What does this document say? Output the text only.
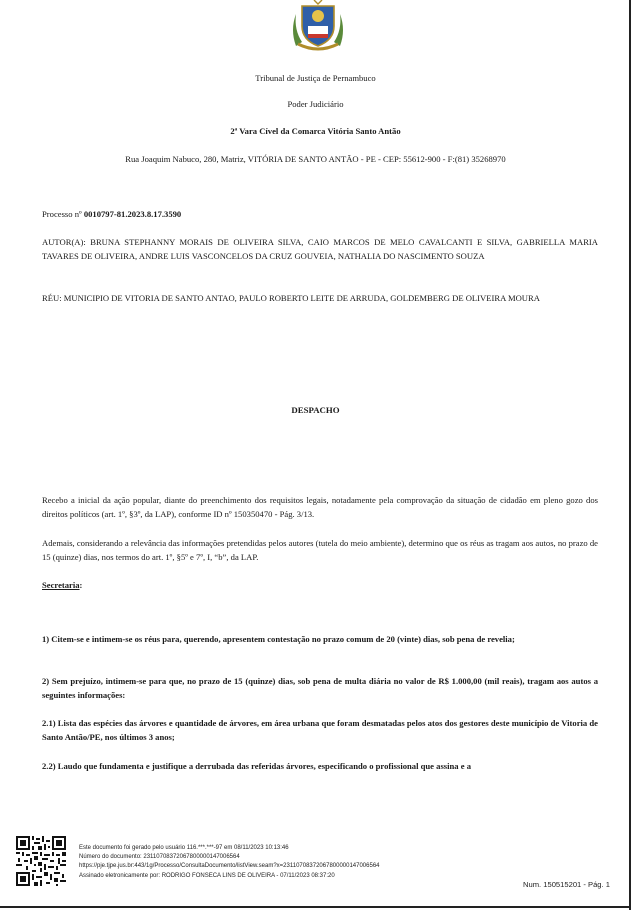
Tribunal de Justiça de Pernambuco
Poder Judiciário
2ª Vara Cível da Comarca Vitória Santo Antão
Rua Joaquim Nabuco, 280, Matriz, VITÓRIA DE SANTO ANTÃO - PE - CEP: 55612-900 - F:(81) 35268970
Processo nº 0010797-81.2023.8.17.3590
AUTOR(A): BRUNA STEPHANNY MORAIS DE OLIVEIRA SILVA, CAIO MARCOS DE MELO CAVALCANTI E SILVA, GABRIELLA MARIA TAVARES DE OLIVEIRA, ANDRE LUIS VASCONCELOS DA CRUZ GOUVEIA, NATHALIA DO NASCIMENTO SOUZA
RÉU: MUNICIPIO DE VITORIA DE SANTO ANTAO, PAULO ROBERTO LEITE DE ARRUDA, GOLDEMBERG DE OLIVEIRA MOURA
DESPACHO
Recebo a inicial da ação popular, diante do preenchimento dos requisitos legais, notadamente pela comprovação da situação de cidadão em pleno gozo dos direitos políticos (art. 1º, §3º, da LAP), conforme ID nº 150350470 - Pág. 3/13.
Ademais, considerando a relevância das informações pretendidas pelos autores (tutela do meio ambiente), determino que os réus as tragam aos autos, no prazo de 15 (quinze) dias, nos termos do art. 1º, §5º e 7º, I, “b”, da LAP.
Secretaria:
1) Citem-se e intimem-se os réus para, querendo, apresentem contestação no prazo comum de 20 (vinte) dias, sob pena de revelia;
2) Sem prejuízo, intimem-se para que, no prazo de 15 (quinze) dias, sob pena de multa diária no valor de R$ 1.000,00 (mil reais), tragam aos autos a seguintes informações:
2.1) Lista das espécies das árvores e quantidade de árvores, em área urbana que foram desmatadas pelos atos dos gestores deste município de Vitoria de Santo Antão/PE, nos últimos 3 anos;
2.2) Laudo que fundamenta e justifique a derrubada das referidas árvores, especificando o profissional que assina e a
Este documento foi gerado pelo usuário 116.***.***-97 em 08/11/2023 10:13:46
Número do documento: 23110708372067800000147006564
https://pje.tjpe.jus.br:443/1g/Processo/ConsultaDocumento/listView.seam?x=23110708372067800000147006564
Assinado eletronicamente por: RODRIGO FONSECA LINS DE OLIVEIRA - 07/11/2023 08:37:20
Num. 150515201 - Pág. 1
